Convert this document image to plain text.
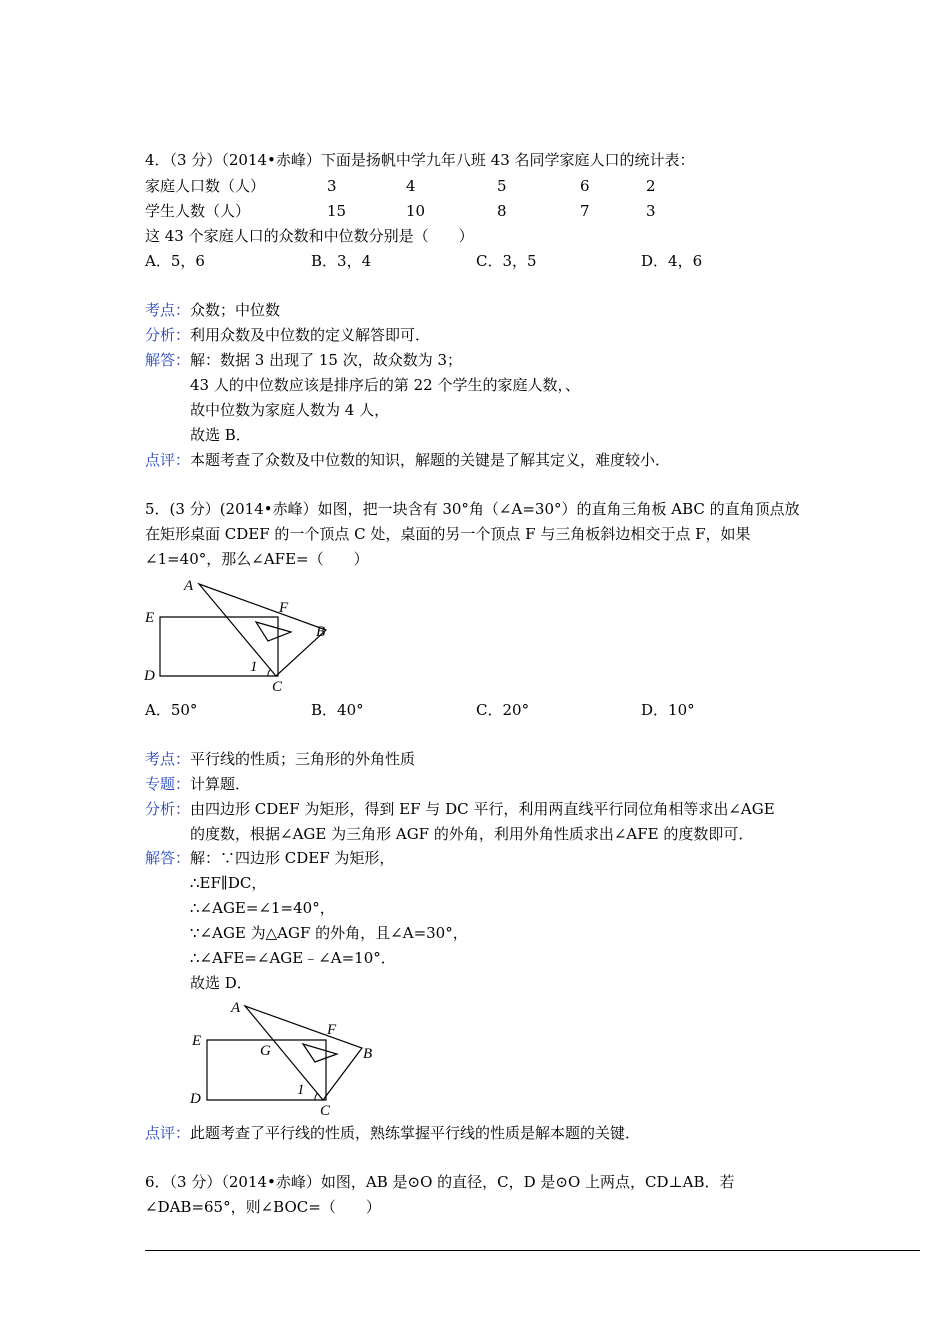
4．（3 分）（2014•赤峰）下面是扬帆中学九年八班 43 名同学家庭人口的统计表：
家庭人口数（人）	3	4	5	6	2
学生人数（人）	15	10	8	7	3
这 43 个家庭人口的众数和中位数分别是（　　）
A．5，6	B．3，4	C．3，5	D．4，6
考点：众数；中位数
分析：利用众数及中位数的定义解答即可．
解答：解：数据 3 出现了 15 次，故众数为 3；
43 人的中位数应该是排序后的第 22 个学生的家庭人数，、
故中位数为家庭人数为 4 人，
故选 B．
点评：本题考查了众数及中位数的知识，解题的关键是了解其定义，难度较小．
5．(3 分）(2014•赤峰）如图，把一块含有 30°角（∠A=30°）的直角三角板 ABC 的直角顶点放
在矩形桌面 CDEF 的一个顶点 C 处，桌面的另一个顶点 F 与三角板斜边相交于点 F，如果
∠1=40°，那么∠AFE=（　　）
A
E
F
B
1
D
C
A．50°	B．40°	C．20°	D．10°
考点：平行线的性质；三角形的外角性质
专题：计算题．
分析：由四边形 CDEF 为矩形，得到 EF 与 DC 平行，利用两直线平行同位角相等求出∠AGE
的度数，根据∠AGE 为三角形 AGF 的外角，利用外角性质求出∠AFE 的度数即可．
解答：解：∵四边形 CDEF 为矩形，
∴EF∥DC，
∴∠AGE=∠1=40°，
∵∠AGE 为△AGF 的外角，且∠A=30°，
∴∠AFE=∠AGE﹣∠A=10°．
故选 D．
A
E
G
F
B
1
D
C
点评：此题考查了平行线的性质，熟练掌握平行线的性质是解本题的关键．
6．（3 分）（2014•赤峰）如图，AB 是⊙O 的直径，C，D 是⊙O 上两点，CD⊥AB．若
∠DAB=65°，则∠BOC=（　　）
